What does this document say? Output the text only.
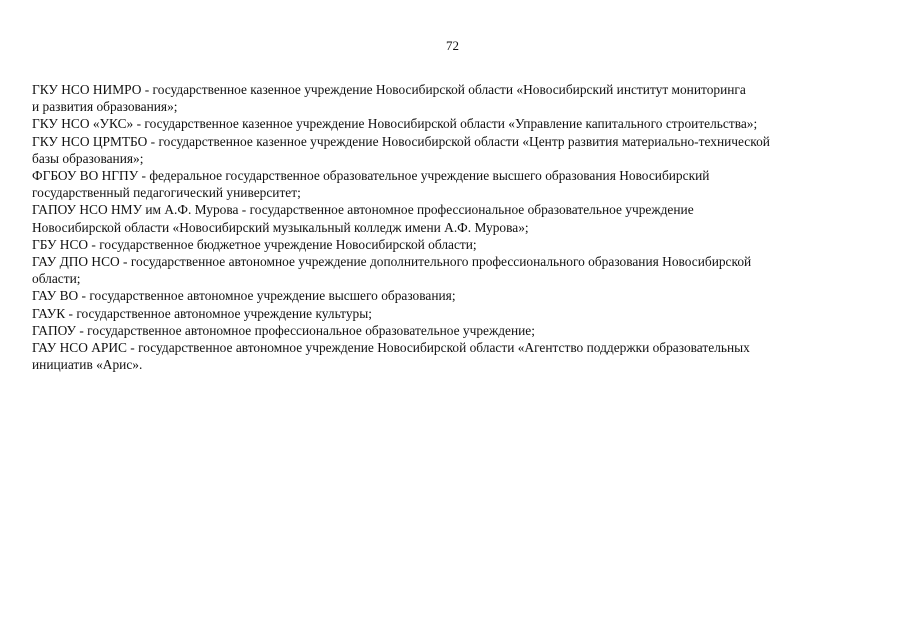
72
ГКУ НСО НИМРО - государственное казенное учреждение Новосибирской области «Новосибирский институт мониторинга
и развития образования»;
ГКУ НСО «УКС» - государственное казенное учреждение Новосибирской области «Управление капитального строительства»;
ГКУ НСО ЦРМТБО - государственное казенное учреждение Новосибирской области «Центр развития материально-технической
базы образования»;
ФГБОУ ВО НГПУ - федеральное государственное образовательное учреждение высшего образования Новосибирский
государственный педагогический университет;
ГАПОУ НСО НМУ им А.Ф. Мурова - государственное автономное профессиональное образовательное учреждение
Новосибирской области «Новосибирский музыкальный колледж имени А.Ф. Мурова»;
ГБУ НСО - государственное бюджетное учреждение Новосибирской области;
ГАУ ДПО НСО - государственное автономное учреждение дополнительного профессионального образования Новосибирской
области;
ГАУ ВО - государственное автономное учреждение высшего образования;
ГАУК - государственное автономное учреждение культуры;
ГАПОУ - государственное автономное профессиональное образовательное учреждение;
ГАУ НСО АРИС - государственное автономное учреждение Новосибирской области «Агентство поддержки образовательных
инициатив «Арис».
